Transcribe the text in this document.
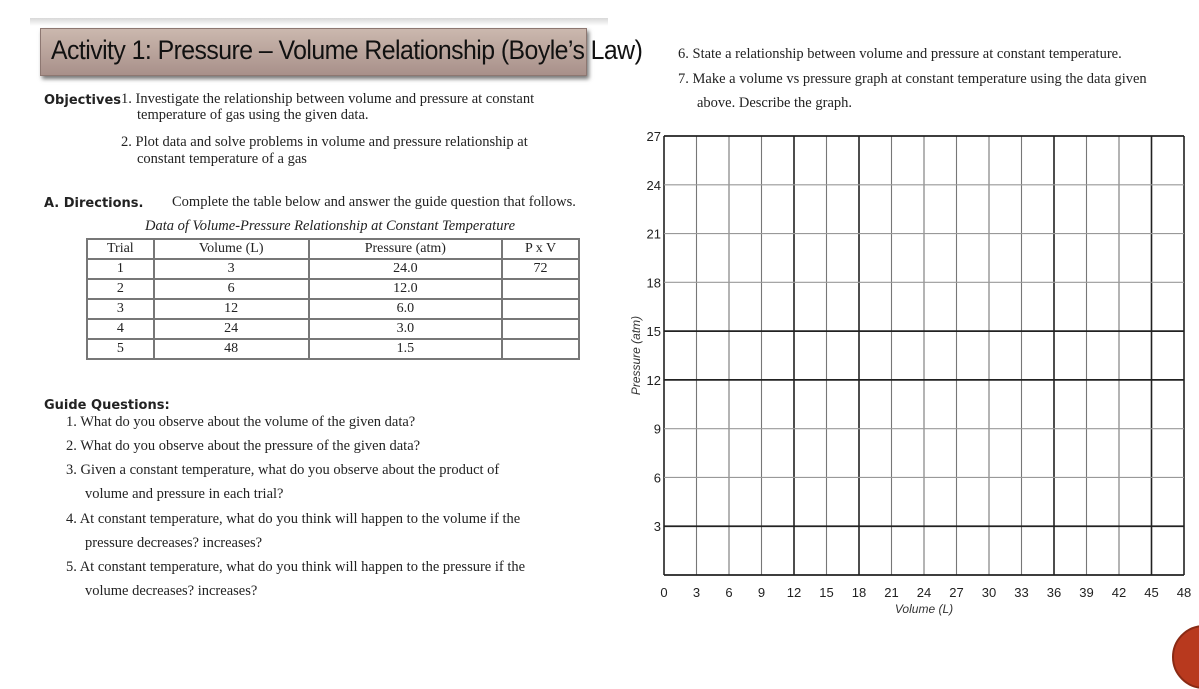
Activity 1: Pressure – Volume Relationship (Boyle’s Law)
Objectives 1. Investigate the relationship between volume and pressure at constant
temperature of gas using the given data.
2. Plot data and solve problems in volume and pressure relationship at
constant temperature of a gas
A. Directions. Complete the table below and answer the guide question that follows.
Data of Volume-Pressure Relationship at Constant Temperature
Trial	Volume (L)	Pressure (atm)	P x V
1	3	24.0	72
2	6	12.0	
3	12	6.0	
4	24	3.0	
5	48	1.5	
Guide Questions:
1. What do you observe about the volume of the given data?
2. What do you observe about the pressure of the given data?
3. Given a constant temperature, what do you observe about the product of
volume and pressure in each trial?
4. At constant temperature, what do you think will happen to the volume if the
pressure decreases? increases?
5. At constant temperature, what do you think will happen to the pressure if the
volume decreases? increases?
6. State a relationship between volume and pressure at constant temperature.
7. Make a volume vs pressure graph at constant temperature using the data given
above. Describe the graph.
0 3 6 9 12 15 18 21 24 27 30 33 36 39 42 45 48
3
6
9
12
15
18
21
24
27
Volume (L)
Pressure (atm)
